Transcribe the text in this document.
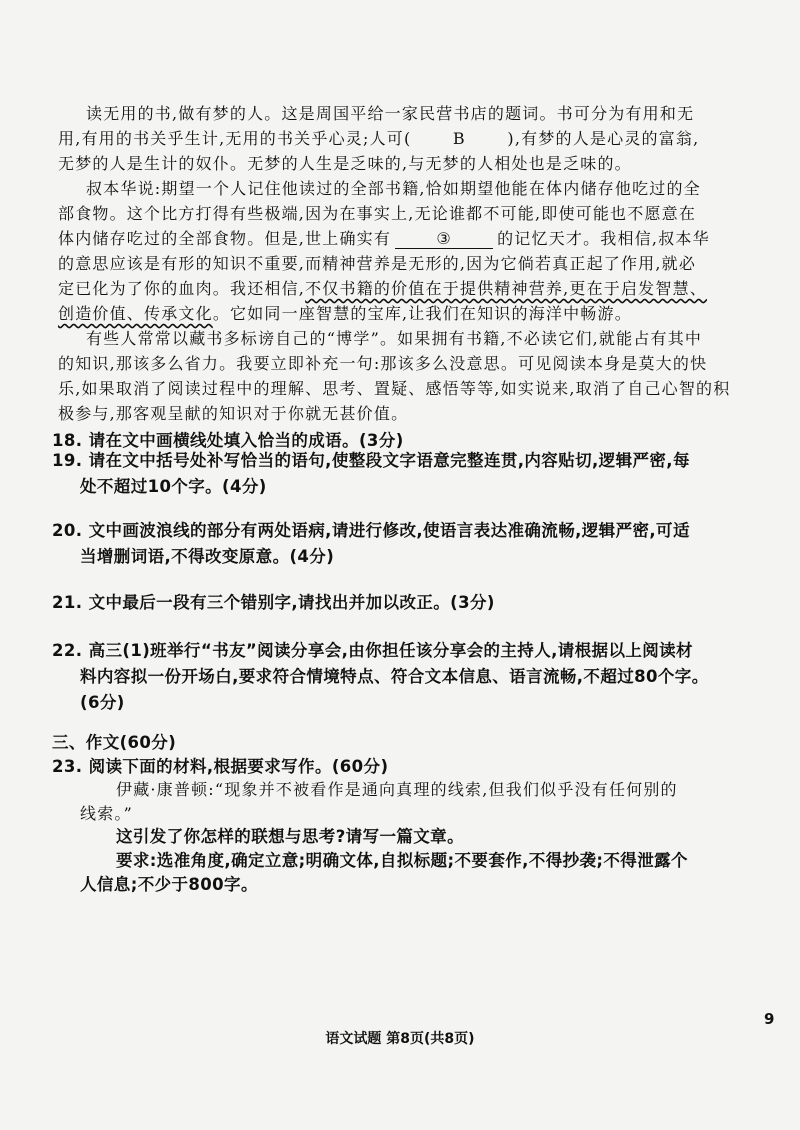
读无用的书,做有梦的人。这是周国平给一家民营书店的题词。书可分为有用和无
用,有用的书关乎生计,无用的书关乎心灵;人可(	B	),有梦的人是心灵的富翁,
无梦的人是生计的奴仆。无梦的人生是乏味的,与无梦的人相处也是乏味的。
叔本华说:期望一个人记住他读过的全部书籍,恰如期望他能在体内储存他吃过的全
部食物。这个比方打得有些极端,因为在事实上,无论谁都不可能,即使可能也不愿意在
体内储存吃过的全部食物。但是,世上确实有	③	的记忆天才。我相信,叔本华
的意思应该是有形的知识不重要,而精神营养是无形的,因为它倘若真正起了作用,就必
定已化为了你的血肉。我还相信,不仅书籍的价值在于提供精神营养,更在于启发智慧、
创造价值、传承文化。它如同一座智慧的宝库,让我们在知识的海洋中畅游。
有些人常常以藏书多标谤自己的“博学”。如果拥有书籍,不必读它们,就能占有其中
的知识,那该多么省力。我要立即补充一句:那该多么没意思。可见阅读本身是莫大的快
乐,如果取消了阅读过程中的理解、思考、置疑、感悟等等,如实说来,取消了自己心智的积
极参与,那客观呈献的知识对于你就无甚价值。
18. 请在文中画横线处填入恰当的成语。(3分)
19. 请在文中括号处补写恰当的语句,使整段文字语意完整连贯,内容贴切,逻辑严密,每
处不超过10个字。(4分)
20. 文中画波浪线的部分有两处语病,请进行修改,使语言表达准确流畅,逻辑严密,可适
当增删词语,不得改变原意。(4分)
21. 文中最后一段有三个错别字,请找出并加以改正。(3分)
22. 高三(1)班举行“书友”阅读分享会,由你担任该分享会的主持人,请根据以上阅读材
料内容拟一份开场白,要求符合情境特点、符合文本信息、语言流畅,不超过80个字。
(6分)
三、作文(60分)
23. 阅读下面的材料,根据要求写作。(60分)
伊藏·康普顿:“现象并不被看作是通向真理的线索,但我们似乎没有任何别的
线索。”
这引发了你怎样的联想与思考?请写一篇文章。
要求:选准角度,确定立意;明确文体,自拟标题;不要套作,不得抄袭;不得泄露个
人信息;不少于800字。
语文试题 第8页(共8页)
9
